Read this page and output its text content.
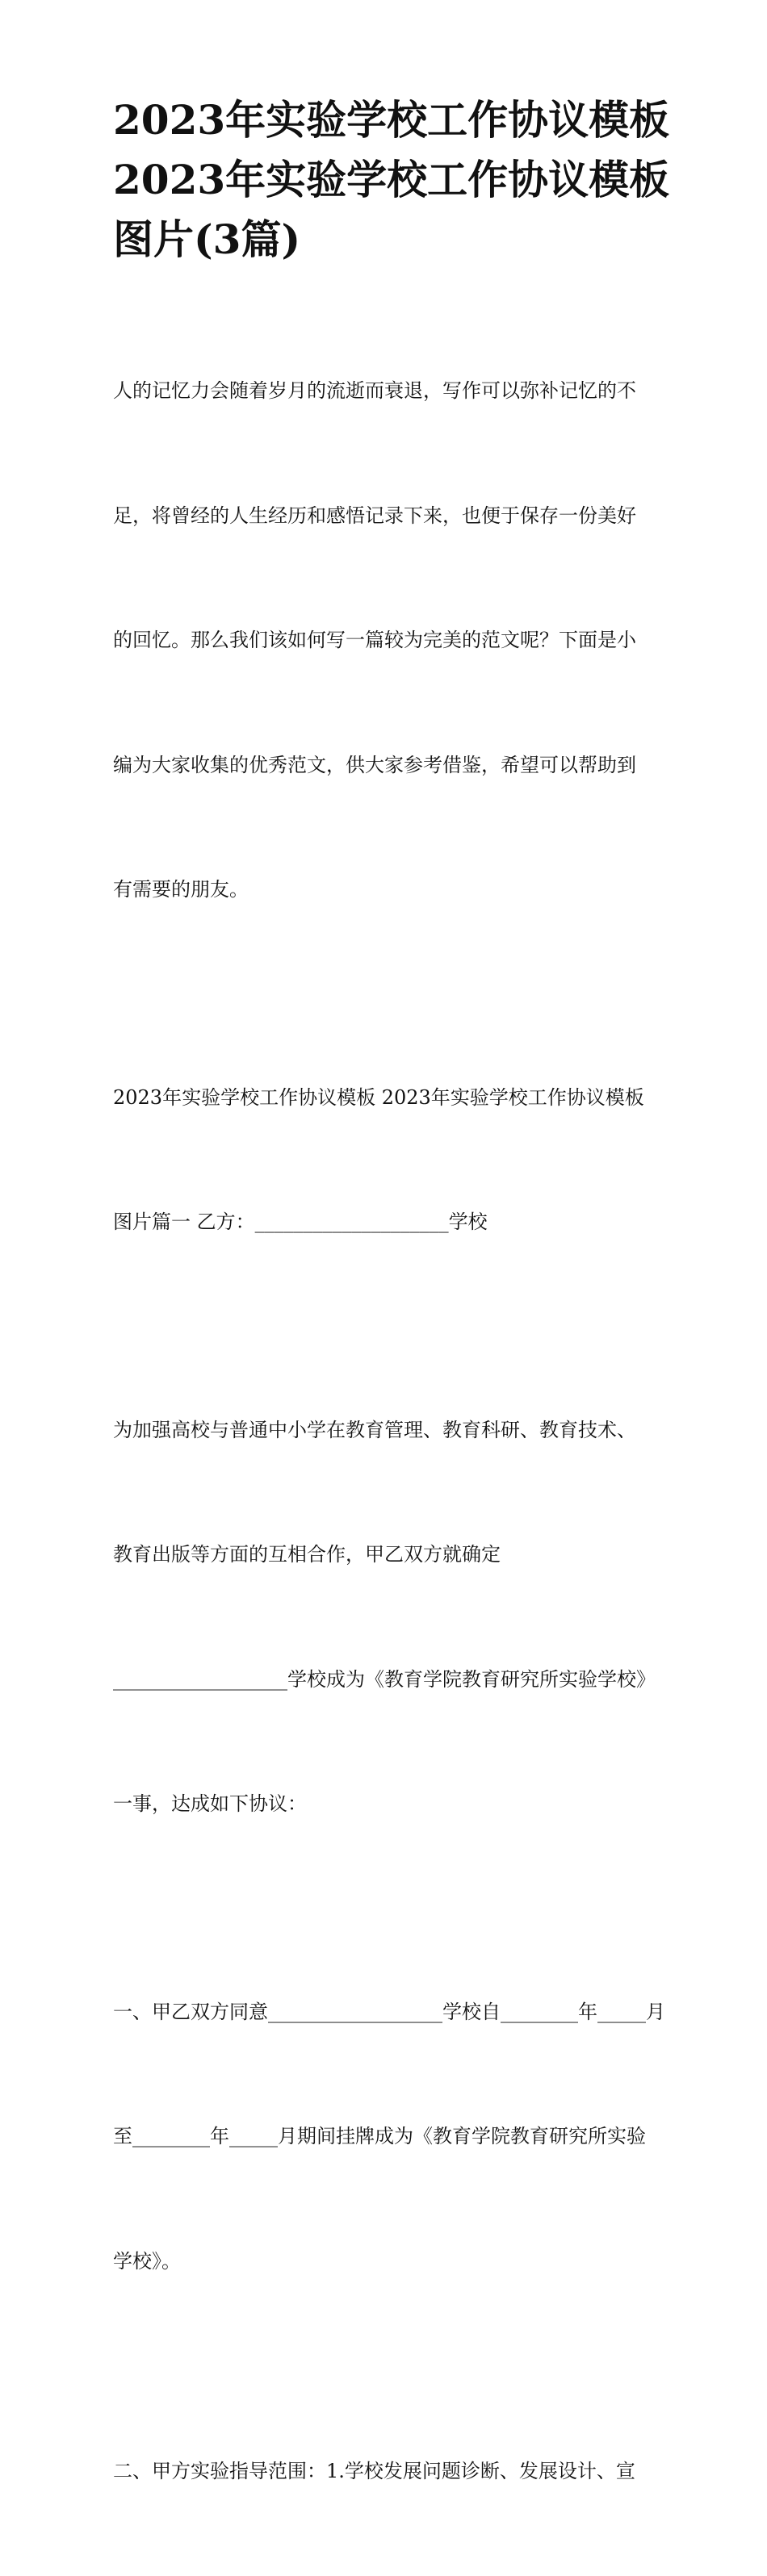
2023年实验学校工作协议模板
2023年实验学校工作协议模板
图片(3篇)

人的记忆力会随着岁月的流逝而衰退，写作可以弥补记忆的不

足，将曾经的人生经历和感悟记录下来，也便于保存一份美好

的回忆。那么我们该如何写一篇较为完美的范文呢？下面是小

编为大家收集的优秀范文，供大家参考借鉴，希望可以帮助到

有需要的朋友。

2023年实验学校工作协议模板 2023年实验学校工作协议模板

图片篇一 乙方：____________________学校

为加强高校与普通中小学在教育管理、教育科研、教育技术、

教育出版等方面的互相合作，甲乙双方就确定

__________________学校成为《教育学院教育研究所实验学校》

一事，达成如下协议：

一、甲乙双方同意__________________学校自________年_____月

至________年_____月期间挂牌成为《教育学院教育研究所实验

学校》。

二、甲方实验指导范围：1.学校发展问题诊断、发展设计、宣
